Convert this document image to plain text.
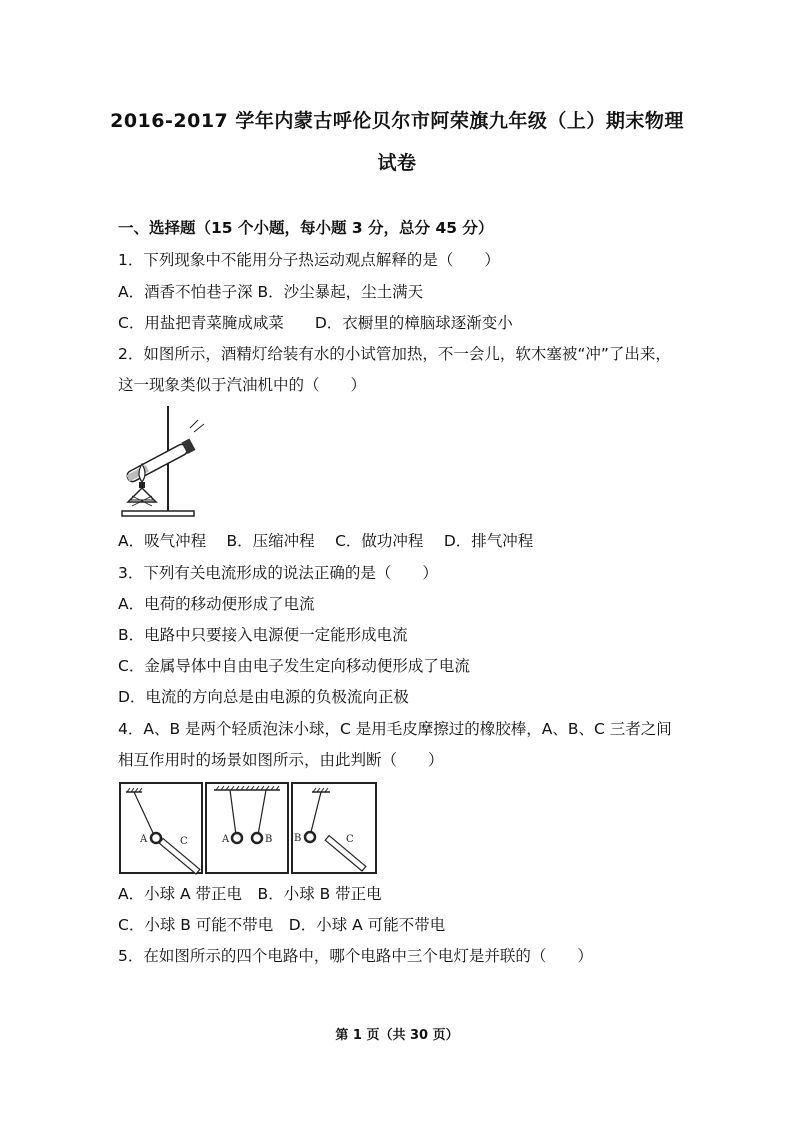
2016-2017 学年内蒙古呼伦贝尔市阿荣旗九年级（上）期末物理
试卷
一、选择题（15 个小题，每小题 3 分，总分 45 分）
1．下列现象中不能用分子热运动观点解释的是（　　）
A．酒香不怕巷子深 B．沙尘暴起，尘土满天
C．用盐把青菜腌成咸菜　　D．衣橱里的樟脑球逐渐变小
2．如图所示，酒精灯给装有水的小试管加热，不一会儿，软木塞被“冲”了出来，
这一现象类似于汽油机中的（　　）
A．吸气冲程　 B．压缩冲程　 C．做功冲程　 D．排气冲程
3．下列有关电流形成的说法正确的是（　　）
A．电荷的移动便形成了电流
B．电路中只要接入电源便一定能形成电流
C．金属导体中自由电子发生定向移动便形成了电流
D．电流的方向总是由电源的负极流向正极
4．A、B 是两个轻质泡沫小球，C 是用毛皮摩擦过的橡胶棒，A、B、C 三者之间
相互作用时的场景如图所示，由此判断（　　）
A	C	A	B B	C
A．小球 A 带正电　B．小球 B 带正电
C．小球 B 可能不带电　D．小球 A 可能不带电
5．在如图所示的四个电路中，哪个电路中三个电灯是并联的（　　）
第 1 页（共 30 页）
